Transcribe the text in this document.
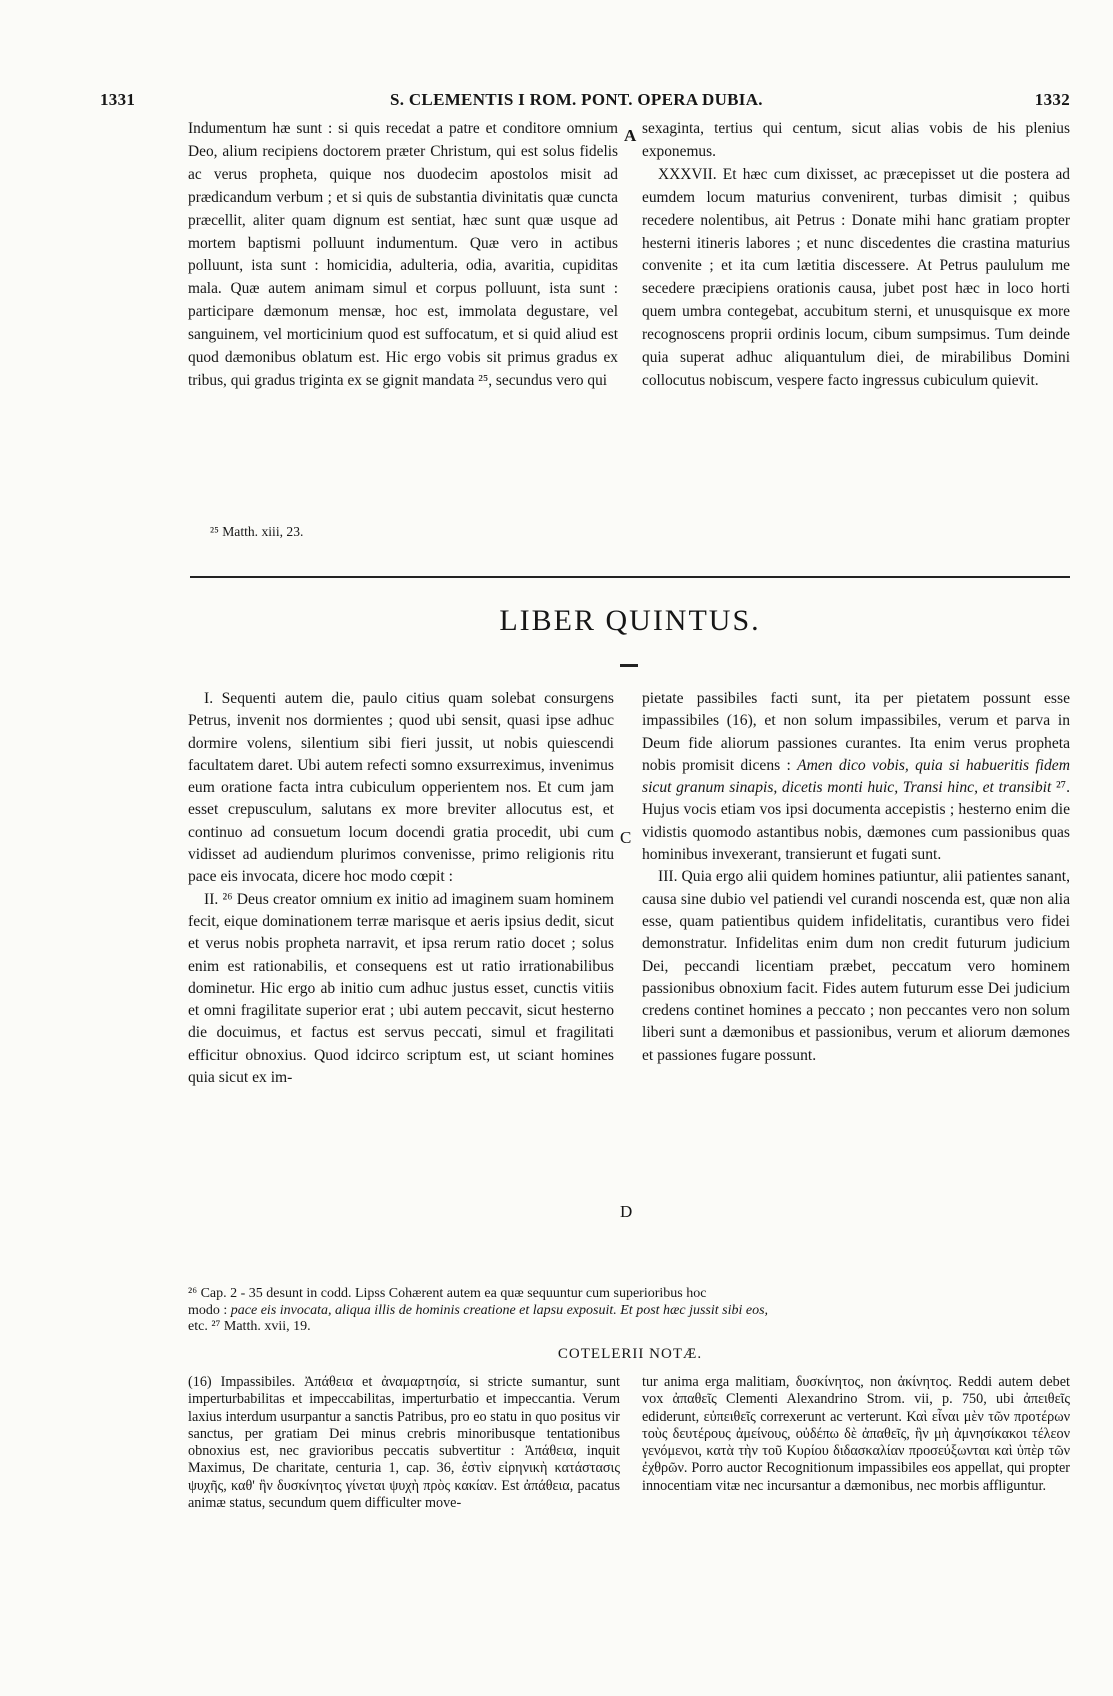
1331	S. CLEMENTIS I ROM. PONT. OPERA DUBIA.	1332

Indumentum hæ sunt : si quis recedat a patre et conditore omnium Deo, alium recipiens doctorem præter Christum, qui est solus fidelis ac verus propheta, quique nos duodecim apostolos misit ad prædicandum verbum ; et si quis de substantia divinitatis quæ cuncta præcellit, aliter quam dignum est sentiat, hæc sunt quæ usque ad mortem baptismi polluunt indumentum. Quæ vero in actibus polluunt, ista sunt : homicidia, adulteria, odia, avaritia, cupiditas mala. Quæ autem animam simul et corpus polluunt, ista sunt : participare dæmonum mensæ, hoc est, immolata degustare, vel sanguinem, vel morticinium quod est suffocatum, et si quid aliud est quod dæmonibus oblatum est. Hic ergo vobis sit primus gradus ex tribus, qui gradus triginta ex se gignit mandata ²⁵, secundus vero qui

²⁵ Matth. xiii, 23.
A sexaginta, tertius qui centum, sicut alias vobis de his plenius exponemus.

XXXVII. Et hæc cum dixisset, ac præcepisset ut die postera ad eumdem locum maturius convenirent, turbas dimisit ; quibus recedere nolentibus, ait Petrus : Donate mihi hanc gratiam propter hesterni itineris labores ; et nunc discedentes die crastina maturius convenite ; et ita cum lætitia discesserе. At Petrus paululum me secedere præcipiens orationis causa, jubet post hæc in loco horti quem umbra contegebat, accubitum sterni, et unusquisque ex more recognoscens proprii ordinis locum, cibum sumpsimus. Tum deinde quia superat adhuc aliquantulum diei, de mirabilibus Domini collocutus nobiscum, vespere facto ingressus cubiculum quievit.

LIBER QUINTUS.

I. Sequenti autem die, paulo citius quam solebat consurgens Petrus, invenit nos dormientes ; quod ubi sensit, quasi ipse adhuc dormire volens, silentium sibi fieri jussit, ut nobis quiescendi facultatem daret. Ubi autem refecti somno exsurreximus, invenimus eum oratione facta intra cubiculum opperientem nos. Et cum jam esset crepusculum, salutans ex more breviter allocutus est, et continuo ad consuetum locum docendi gratia procedit, ubi cum vidisset ad audiendum plurimos convenisse, primo religionis ritu pace eis invocata, dicere hoc modo cœpit :

II. ²⁶ Deus creator omnium ex initio ad imaginem suam hominem fecit, eique dominationem terræ marisque et aeris ipsius dedit, sicut et verus nobis propheta narravit, et ipsa rerum ratio docet ; solus enim est rationabilis, et consequens est ut ratio irrationabilibus dominetur. Hic ergo ab initio cum adhuc justus esset, cunctis vitiis et omni fragilitate superior erat ; ubi autem peccavit, sicut hesterno die docuimus, et factus est servus peccati, simul et fragilitati efficitur obnoxius. Quod idcirco scriptum est, ut sciant homines quia sicut ex im-

C
D

pietate passibiles facti sunt, ita per pietatem possunt esse impassibiles (16), et non solum impassibiles, verum et parva in Deum fide aliorum passiones curantes. Ita enim verus propheta nobis promisit dicens : Amen dico vobis, quia si habueritis fidem sicut granum sinapis, dicetis monti huic, Transi hinc, et transibit ²⁷. Hujus vocis etiam vos ipsi documenta accepistis ; hesterno enim die vidistis quomodo astantibus nobis, dæmones cum passionibus quas hominibus invexerant, transierunt et fugati sunt.

III. Quia ergo alii quidem homines patiuntur, alii patientes sanant, causa sine dubio vel patiendi vel curandi noscenda est, quæ non alia esse, quam patientibus quidem infidelitatis, curantibus vero fidei demonstratur. Infidelitas enim dum non credit futurum judicium Dei, peccandi licentiam præbet, peccatum vero hominem passionibus obnoxium facit. Fides autem futurum esse Dei judicium credens continet homines a peccato ; non peccantes vero non solum liberi sunt a dæmonibus et passionibus, verum et aliorum dæmones et passiones fugare possunt.

²⁶ Cap. 2 - 35 desunt in codd. Lipss Cohærent autem ea quæ sequuntur cum superioribus hoc
modo : pace eis invocata, aliqua illis de hominis creatione et lapsu exposuit. Et post hæc jussit sibi eos,
etc. ²⁷ Matth. xvii, 19.
COTELERII NOTÆ.

(16) Impassibiles. Ἀπάθεια et ἀναμαρτησία, si stricte sumantur, sunt imperturbabilitas et impeccabilitas, imperturbatio et impeccantia. Verum laxius interdum usurpantur a sanctis Patribus, pro eo statu in quo positus vir sanctus, per gratiam Dei minus crebris minoribusque tentationibus obnoxius est, nec gravioribus peccatis subvertitur : Ἀπάθεια, inquit Maximus, De charitate, centuria 1, cap. 36, ἐστὶν εἰρηνικὴ κατάστασις ψυχῆς, καθ' ἣν δυσκίνητος γίνεται ψυχὴ πρὸς κακίαν. Est ἀπάθεια, pacatus animæ status, secundum quem difficulter move-

tur anima erga malitiam, δυσκίνητος, non ἀκίνητος. Reddi autem debet vox ἀπαθεῖς Clementi Alexandrino Strom. vii, p. 750, ubi ἀπειθεῖς ediderunt, εὐπειθεῖς correxerunt ac verterunt. Καὶ εἶναι μὲν τῶν προτέρων τοὺς δευτέρους ἀμείνους, οὐδέπω δὲ ἀπαθεῖς, ἣν μὴ ἀμνησίκακοι τέλεον γενόμενοι, κατὰ τὴν τοῦ Κυρίου διδασκαλίαν προσεύξωνται καὶ ὑπὲρ τῶν ἐχθρῶν. Porro auctor Recognitionum impassibiles eos appellat, qui propter innocentiam vitæ nec incursantur a dæmonibus, nec morbis affliguntur.
